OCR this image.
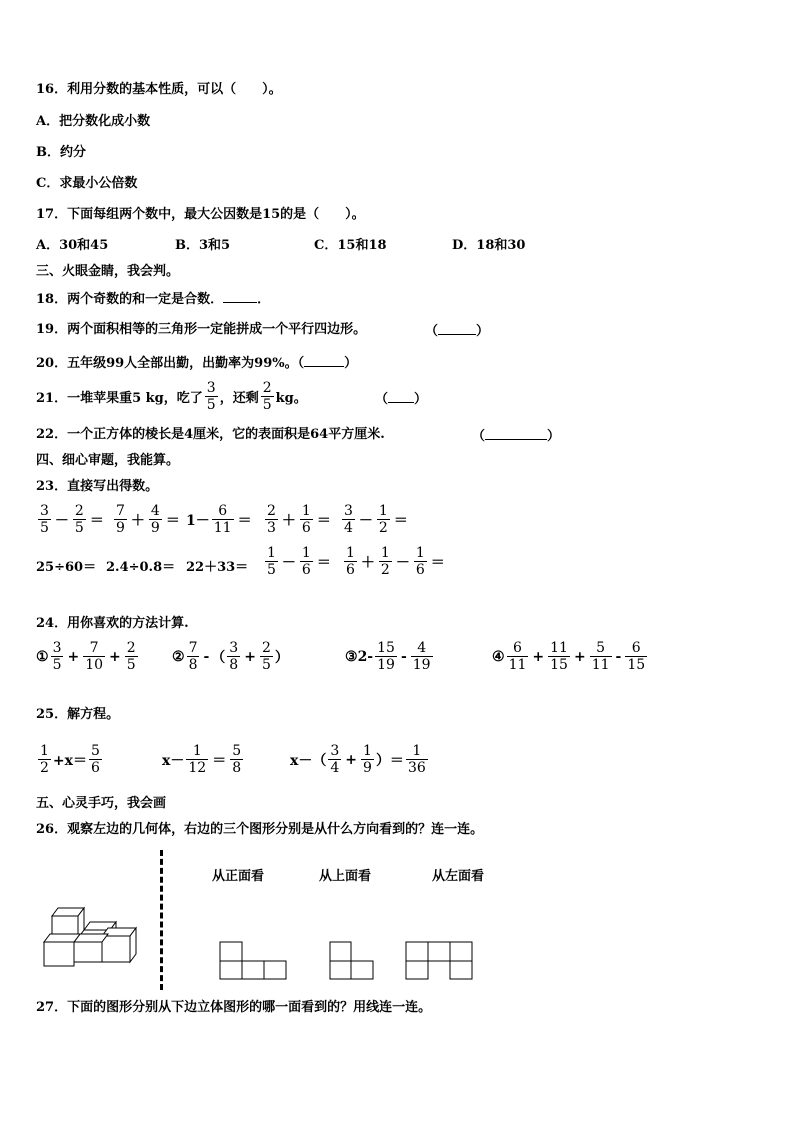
16．利用分数的基本性质，可以（　　）。
A．把分数化成小数
B．约分
C．求最小公倍数
17．下面每组两个数中，最大公因数是15的是（　　）。
A．30和45	B．3和5	C．15和18	D．18和30
三、火眼金睛，我会判。
18．两个奇数的和一定是合数．	．
19．两个面积相等的三角形一定能拼成一个平行四边形。	（	）
20．五年级99人全部出勤，出勤率为99%。（	）
21．一堆苹果重5 kg，吃了 $\frac{3}{5}$ ，还剩 $\frac{2}{5}$ kg。	（ ）
22．一个正方体的棱长是4厘米，它的表面积是64平方厘米.	（	）
四、细心审题，我能算。
23．直接写出得数。
$\frac{3}{5} - \frac{2}{5} = \frac{7}{9} + \frac{4}{9} = 1- \frac{6}{11} = \frac{2}{3} + \frac{1}{6} = \frac{3}{4} - \frac{1}{2}$ ＝
$25\div 60= 2.4\div 0.8= 22+33= \frac{1}{5} - \frac{1}{6} = \frac{1}{6} + \frac{1}{2} - \frac{1}{6}$ ＝
24．用你喜欢的方法计算.
① $\frac{3}{5} + \frac{7}{10} + \frac{2}{5}$ ② $\frac{7}{8}$ - （ $\frac{3}{8} + \frac{2}{5}$ ）	③ $2- \frac{15}{19} - \frac{4}{19}$	④ $\frac{6}{11} + \frac{11}{15} + \frac{5}{11} - \frac{6}{15}$
25．解方程。
$\frac{1}{2} +x= \frac{5}{6}$	$x- \frac{1}{12} = \frac{5}{8}$	$x-( \frac{3}{4} + \frac{1}{9}$ ）＝ $\frac{1}{36}$
五、心灵手巧，我会画
26．观察左边的几何体，右边的三个图形分别是从什么方向看到的？连一连。
从正面看	从上面看	从左面看
27．下面的图形分别从下边立体图形的哪一面看到的？用线连一连。
